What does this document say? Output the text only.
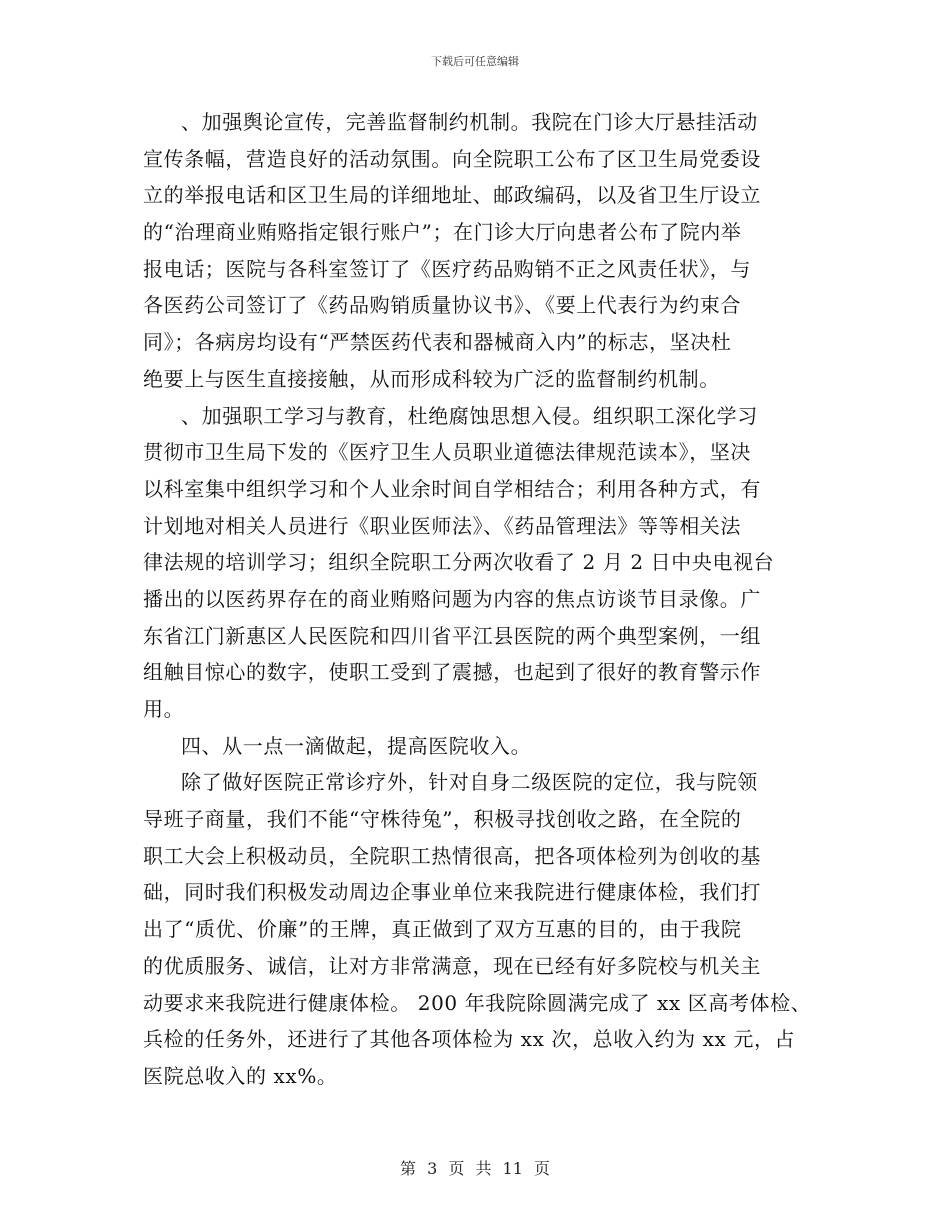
下载后可任意编辑
、加强舆论宣传，完善监督制约机制。我院在门诊大厅悬挂活动
宣传条幅，营造良好的活动氛围。向全院职工公布了区卫生局党委设
立的举报电话和区卫生局的详细地址、邮政编码，以及省卫生厅设立
的“治理商业贿赂指定银行账户”；在门诊大厅向患者公布了院内举
报电话；医院与各科室签订了《医疗药品购销不正之风责任状》，与
各医药公司签订了《药品购销质量协议书》、《要上代表行为约束合
同》；各病房均设有“严禁医药代表和器械商入内”的标志，坚决杜
绝要上与医生直接接触，从而形成科较为广泛的监督制约机制。
、加强职工学习与教育，杜绝腐蚀思想入侵。组织职工深化学习
贯彻市卫生局下发的《医疗卫生人员职业道德法律规范读本》，坚决
以科室集中组织学习和个人业余时间自学相结合；利用各种方式，有
计划地对相关人员进行《职业医师法》、《药品管理法》等等相关法
律法规的培训学习；组织全院职工分两次收看了 2 月 2 日中央电视台
播出的以医药界存在的商业贿赂问题为内容的焦点访谈节目录像。广
东省江门新惠区人民医院和四川省平江县医院的两个典型案例，一组
组触目惊心的数字，使职工受到了震撼，也起到了很好的教育警示作
用。
四、从一点一滴做起，提高医院收入。
除了做好医院正常诊疗外，针对自身二级医院的定位，我与院领
导班子商量，我们不能“守株待兔”，积极寻找创收之路，在全院的
职工大会上积极动员，全院职工热情很高，把各项体检列为创收的基
础，同时我们积极发动周边企事业单位来我院进行健康体检，我们打
出了“质优、价廉”的王牌，真正做到了双方互惠的目的，由于我院
的优质服务、诚信，让对方非常满意，现在已经有好多院校与机关主
动要求来我院进行健康体检。 200 年我院除圆满完成了 xx 区高考体检、
兵检的任务外，还进行了其他各项体检为 xx 次，总收入约为 xx 元，占
医院总收入的 xx%。
第 3 页 共 11 页
